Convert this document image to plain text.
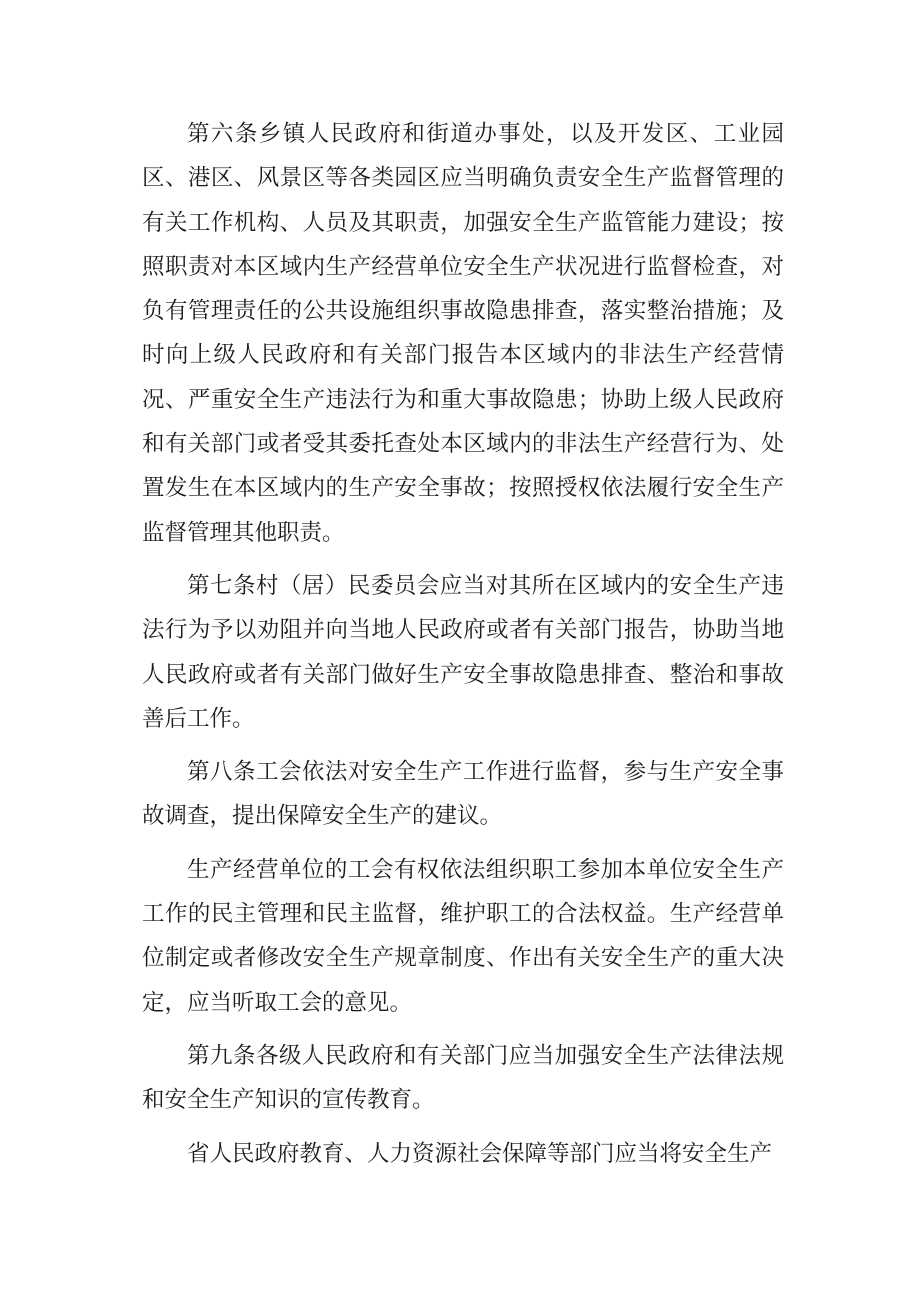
第六条乡镇人民政府和街道办事处，以及开发区、工业园区、港区、风景区等各类园区应当明确负责安全生产监督管理的有关工作机构、人员及其职责，加强安全生产监管能力建设；按照职责对本区域内生产经营单位安全生产状况进行监督检查，对负有管理责任的公共设施组织事故隐患排查，落实整治措施；及时向上级人民政府和有关部门报告本区域内的非法生产经营情况、严重安全生产违法行为和重大事故隐患；协助上级人民政府和有关部门或者受其委托查处本区域内的非法生产经营行为、处置发生在本区域内的生产安全事故；按照授权依法履行安全生产监督管理其他职责。

第七条村（居）民委员会应当对其所在区域内的安全生产违法行为予以劝阻并向当地人民政府或者有关部门报告，协助当地人民政府或者有关部门做好生产安全事故隐患排查、整治和事故善后工作。

第八条工会依法对安全生产工作进行监督，参与生产安全事故调查，提出保障安全生产的建议。

生产经营单位的工会有权依法组织职工参加本单位安全生产工作的民主管理和民主监督，维护职工的合法权益。生产经营单位制定或者修改安全生产规章制度、作出有关安全生产的重大决定，应当听取工会的意见。

第九条各级人民政府和有关部门应当加强安全生产法律法规和安全生产知识的宣传教育。

省人民政府教育、人力资源社会保障等部门应当将安全生产
